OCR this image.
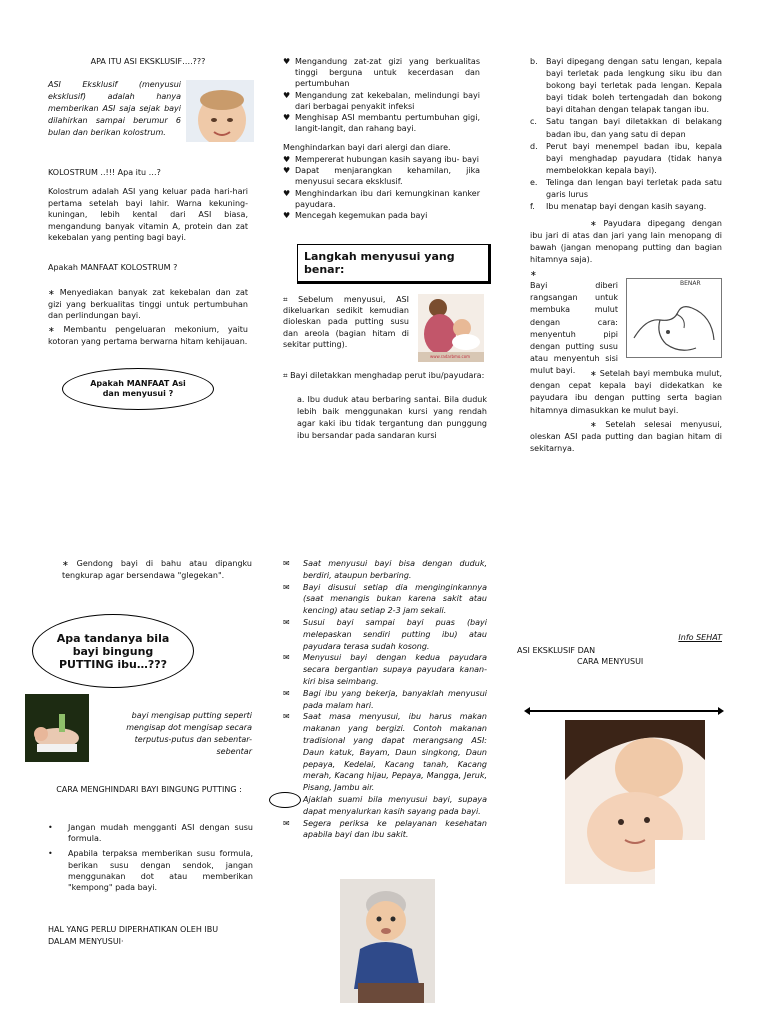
APA ITU ASI EKSKLUSIF….???
ASI Eksklusif (menyusui eksklusif) adalah hanya memberikan ASI saja sejak bayi dilahirkan sampai berumur 6 bulan dan berikan kolostrum.
KOLOSTRUM ..!!! Apa itu …?
Kolostrum adalah ASI yang keluar pada hari-hari pertama setelah bayi lahir. Warna kekuning-kuningan, lebih kental dari ASI biasa, mengandung banyak vitamin A, protein dan zat kekebalan yang penting bagi bayi.
Apakah MANFAAT KOLOSTRUM ?
∗ Menyediakan banyak zat kekebalan dan zat gizi yang berkualitas tinggi untuk pertumbuhan dan perlindungan bayi.
∗ Membantu pengeluaran mekonium, yaitu kotoran yang pertama berwarna hitam kehijauan.
Apakah MANFAAT Asi dan menyusui ?
∗ Gendong bayi di bahu atau dipangku tengkurap agar bersendawa "glegekan".
Apa tandanya bila bayi bingung PUTTING ibu…???
bayi mengisap putting seperti mengisap dot mengisap secara terputus-putus dan sebentar-sebentar
CARA MENGHINDARI BAYI BINGUNG PUTTING :
• Jangan mudah mengganti ASI dengan susu formula.
• Apabila terpaksa memberikan susu formula, berikan susu dengan sendok, jangan menggunakan dot atau memberikan "kempong" pada bayi.
HAL YANG PERLU DIPERHATIKAN OLEH IBU DALAM MENYUSUI·
♥ Mengandung zat-zat gizi yang berkualitas tinggi berguna untuk kecerdasan dan pertumbuhan
♥ Mengandung zat kekebalan, melindungi bayi dari berbagai penyakit infeksi
♥ Menghisap ASI membantu pertumbuhan gigi, langit-langit, dan rahang bayi.
Menghindarkan bayi dari alergi dan diare.
♥ Mempererat hubungan kasih sayang ibu- bayi
♥ Dapat menjarangkan kehamilan, jika menyusui secara eksklusif.
♥ Menghindarkan ibu dari kemungkinan kanker payudara.
♥ Mencegah kegemukan pada bayi
Langkah menyusui yang benar:
⌗ Sebelum menyusui, ASI dikeluarkan sedikit kemudian dioleskan pada putting susu dan areola (bagian hitam di sekitar putting).
www.radarbmo.com
⌗ Bayi diletakkan menghadap perut ibu/payudara:
a. Ibu duduk atau berbaring santai. Bila duduk lebih baik menggunakan kursi yang rendah agar kaki ibu tidak tergantung dan punggung ibu bersandar pada sandaran kursi
✉ Saat menyusui bayi bisa dengan duduk, berdiri, ataupun berbaring.
✉ Bayi disusui setiap dia menginginkannya (saat menangis bukan karena sakit atau kencing) atau setiap 2-3 jam sekali.
✉ Susui bayi sampai bayi puas (bayi melepaskan sendiri putting ibu) atau payudara terasa sudah kosong.
✉ Menyusui bayi dengan kedua payudara secara bergantian supaya payudara kanan-kiri bisa seimbang.
✉ Bagi ibu yang bekerja, banyaklah menyusui pada malam hari.
✉ Saat masa menyusui, ibu harus makan makanan yang bergizi. Contoh makanan tradisional yang dapat merangsang ASI: Daun katuk, Bayam, Daun singkong, Daun pepaya, Kedelai, Kacang tanah, Kacang merah, Kacang hijau, Pepaya, Mangga, Jeruk, Pisang, Jambu air.
Ajaklah suami bila menyusui bayi, supaya dapat menyalurkan kasih sayang pada bayi.
✉ Segera periksa ke pelayanan kesehatan apabila bayi dan ibu sakit.
b. Bayi dipegang dengan satu lengan, kepala bayi terletak pada lengkung siku ibu dan bokong bayi terletak pada lengan. Kepala bayi tidak boleh tertengadah dan bokong bayi ditahan dengan telapak tangan ibu.
c. Satu tangan bayi diletakkan di belakang badan ibu, dan yang satu di depan
d. Perut bayi menempel badan ibu, kepala bayi menghadap payudara (tidak hanya membelokkan kepala bayi).
e. Telinga dan lengan bayi terletak pada satu garis lurus
f. Ibu menatap bayi dengan kasih sayang.
∗ Payudara dipegang dengan ibu jari di atas dan jari yang lain menopang di bawah (jangan menopang putting dan bagian hitamnya saja).
∗
Bayi diberi rangsangan untuk membuka mulut dengan cara: menyentuh pipi dengan putting susu atau menyentuh sisi mulut bayi.
BENAR
∗ Setelah bayi membuka mulut, dengan cepat kepala bayi didekatkan ke payudara ibu dengan putting serta bagian hitamnya dimasukkan ke mulut bayi.
∗ Setelah selesai menyusui, oleskan ASI pada putting dan bagian hitam di sekitarnya.
Info SEHAT
ASI EKSKLUSIF DAN
CARA MENYUSUI
